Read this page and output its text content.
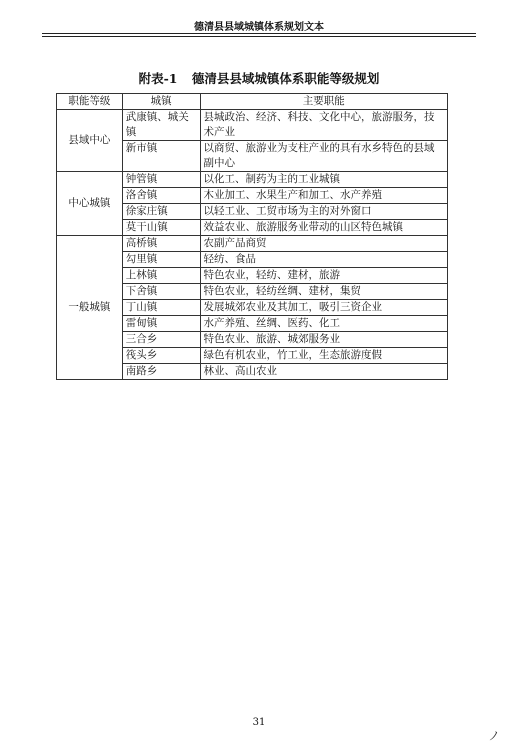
德清县县域城镇体系规划文本
附表-1 德清县县域城镇体系职能等级规划
职能等级	城镇	主要职能
县域中心	武康镇、城关镇	县城政治、经济、科技、文化中心，旅游服务，技术产业
	新市镇	以商贸、旅游业为支柱产业的具有水乡特色的县域副中心
中心城镇	钟管镇	以化工、制药为主的工业城镇
	洛舍镇	木业加工、水果生产和加工、水产养殖
	徐家庄镇	以轻工业、工贸市场为主的对外窗口
	莫干山镇	效益农业、旅游服务业带动的山区特色城镇
一般城镇	高桥镇	农副产品商贸
	勾里镇	轻纺、食品
	上林镇	特色农业，轻纺、建材，旅游
	下舍镇	特色农业，轻纺丝绸、建材，集贸
	丁山镇	发展城郊农业及其加工，吸引三资企业
	雷甸镇	水产养殖、丝绸、医药、化工
	三合乡	特色农业、旅游、城郊服务业
	筏头乡	绿色有机农业，竹工业，生态旅游度假
	南路乡	林业、高山农业
31
ノ
